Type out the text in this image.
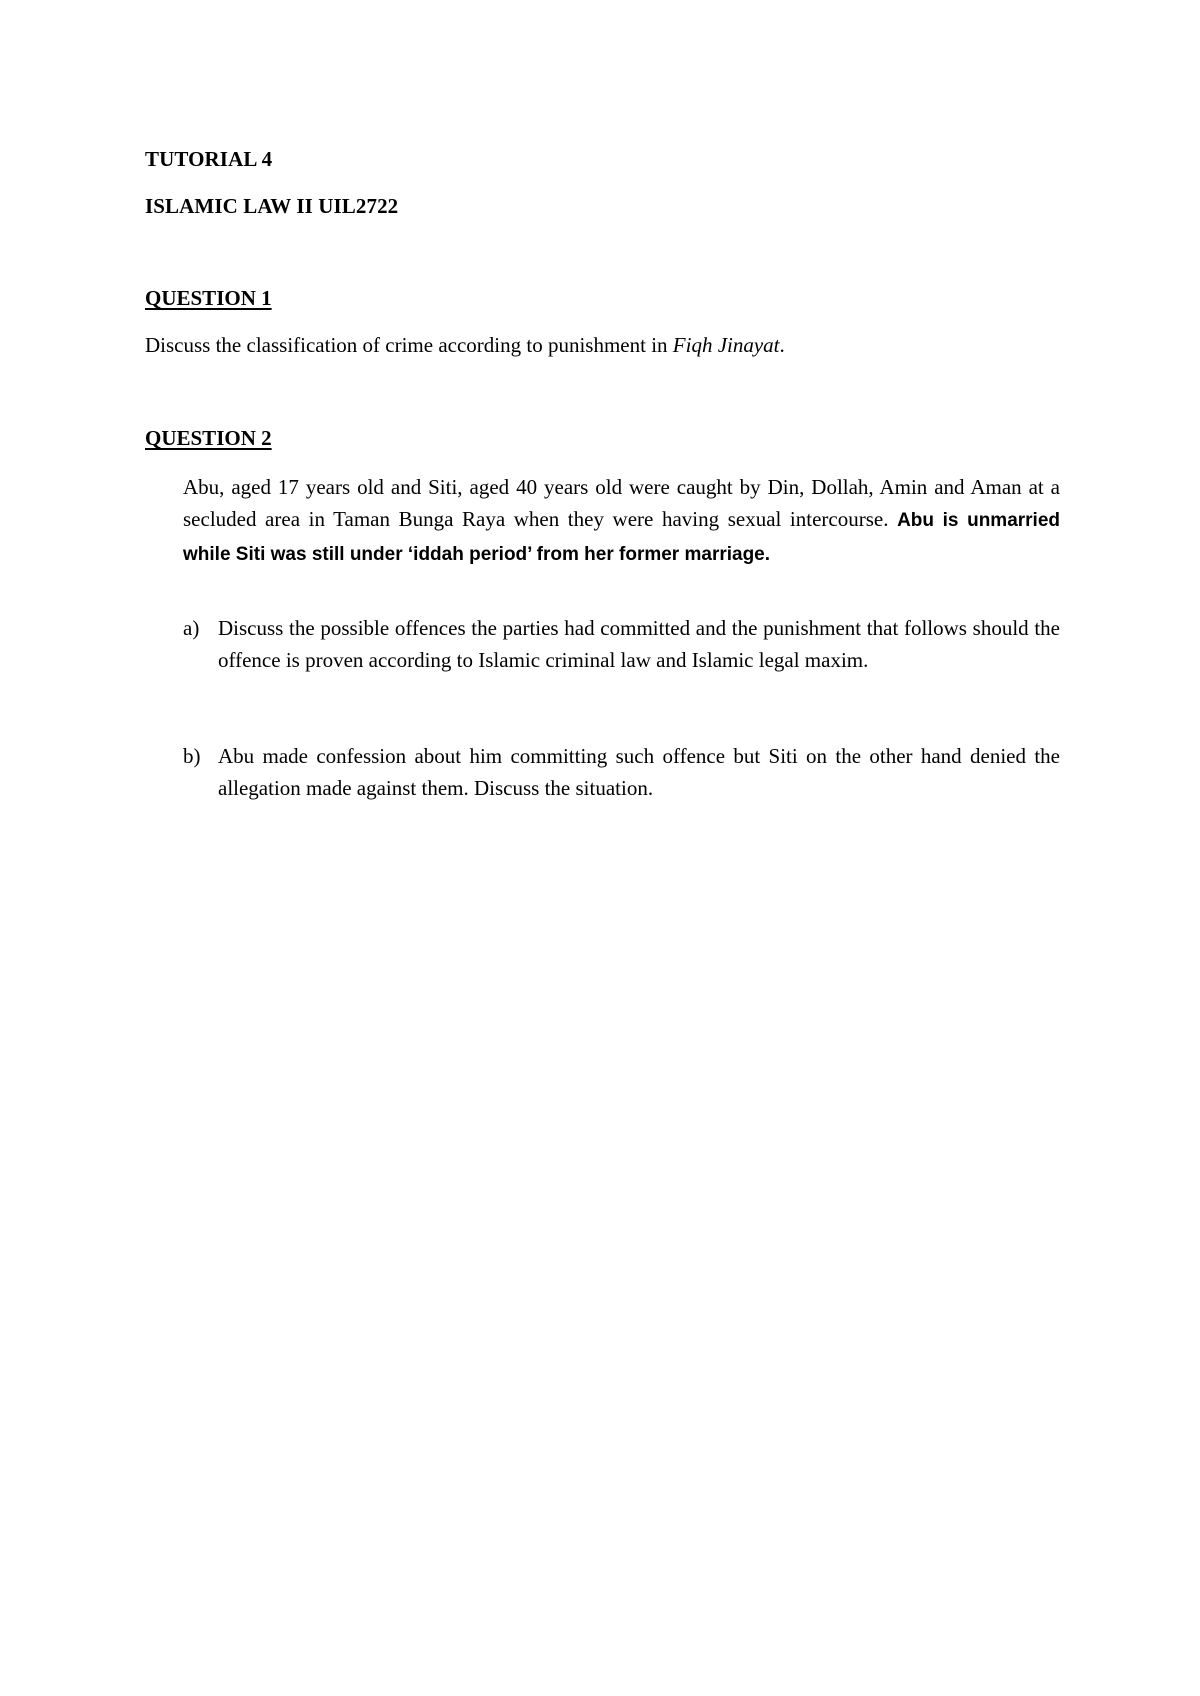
TUTORIAL 4
ISLAMIC LAW II UIL2722
QUESTION 1
Discuss the classification of crime according to punishment in Fiqh Jinayat.
QUESTION 2
Abu, aged 17 years old and Siti, aged 40 years old were caught by Din, Dollah, Amin and Aman at a secluded area in Taman Bunga Raya when they were having sexual intercourse. Abu is unmarried while Siti was still under ‘iddah period’ from her former marriage.
a) Discuss the possible offences the parties had committed and the punishment that follows should the offence is proven according to Islamic criminal law and Islamic legal maxim.
b) Abu made confession about him committing such offence but Siti on the other hand denied the allegation made against them. Discuss the situation.
